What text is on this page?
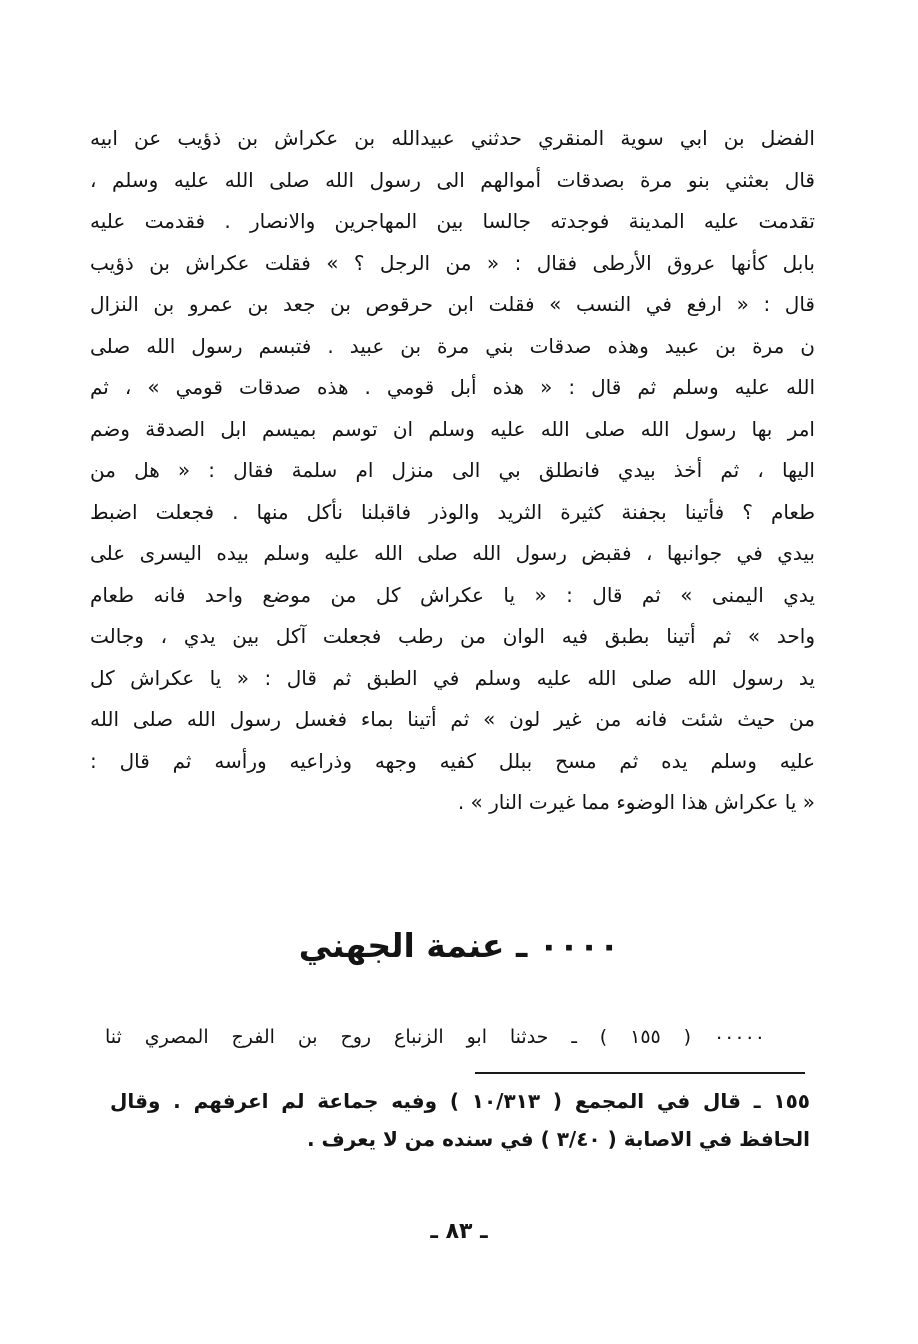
الفضل بن ابي سوية المنقري حدثني عبيدالله بن عكراش بن ذؤيب عن ابيه
قال بعثني بنو مرة بصدقات أموالهم الى رسول الله صلى الله عليه وسلم ،
تقدمت عليه المدينة فوجدته جالسا بين المهاجرين والانصار . فقدمت عليه
بابل كأنها عروق الأرطى فقال : « من الرجل ؟ » فقلت عكراش بن ذؤيب
قال : « ارفع في النسب » فقلت ابن حرقوص بن جعد بن عمرو بن النزال
ن مرة بن عبيد وهذه صدقات بني مرة بن عبيد . فتبسم رسول الله صلى
الله عليه وسلم ثم قال : « هذه أبل قومي . هذه صدقات قومي » ، ثم
امر بها رسول الله صلى الله عليه وسلم ان توسم بميسم ابل الصدقة وضم
اليها ، ثم أخذ بيدي فانطلق بي الى منزل ام سلمة فقال : « هل من
طعام ؟ فأتينا بجفنة كثيرة الثريد والوذر فاقبلنا نأكل منها . فجعلت اضبط
بيدي في جوانبها ، فقبض رسول الله صلى الله عليه وسلم بيده اليسرى على
يدي اليمنى » ثم قال : « يا عكراش كل من موضع واحد فانه طعام
واحد » ثم أتينا بطبق فيه الوان من رطب فجعلت آكل بين يدي ، وجالت
يد رسول الله صلى الله عليه وسلم في الطبق ثم قال : « يا عكراش كل
من حيث شئت فانه من غير لون » ثم أتينا بماء فغسل رسول الله صلى الله
عليه وسلم يده ثم مسح ببلل كفيه وجهه وذراعيه ورأسه ثم قال :
« يا عكراش هذا الوضوء مما غيرت النار » .
٠٠٠٠ ـ عنمة الجهني
٠٠٠٠٠ ( ١٥٥ ) ـ حدثنا ابو الزنباع روح بن الفرج المصري ثنا
١٥٥ ـ قال في المجمع ( ١٠/٣١٣ ) وفيه جماعة لم اعرفهم . وقال
الحافظ في الاصابة ( ٣/٤٠ ) في سنده من لا يعرف .
ـ ٨٣ ـ
